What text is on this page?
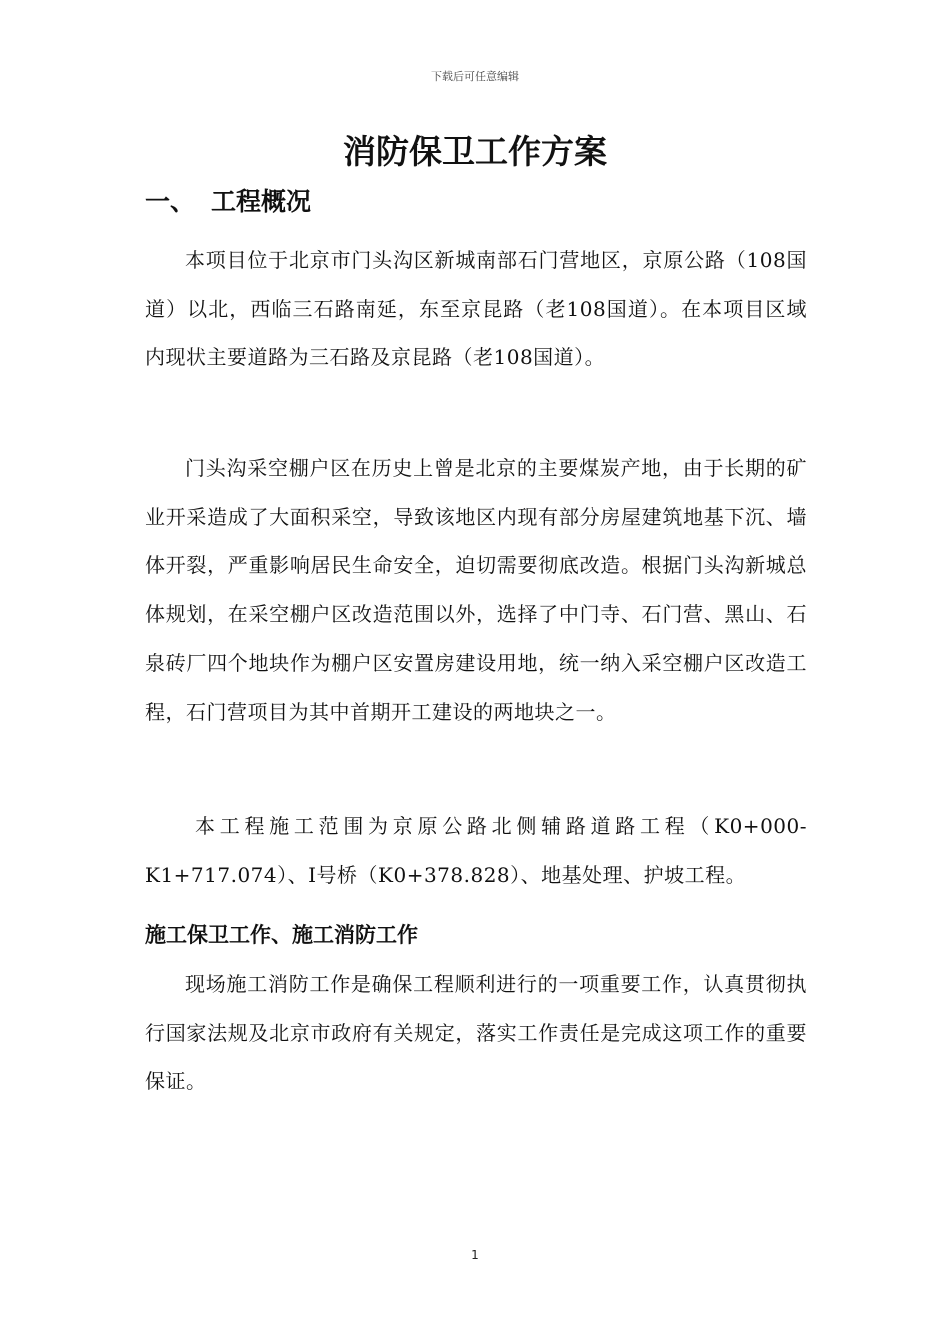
下载后可任意编辑
消防保卫工作方案
一、 工程概况

本项目位于北京市门头沟区新城南部石门营地区，京原公路（108国道）以北，西临三石路南延，东至京昆路（老108国道）。在本项目区域内现状主要道路为三石路及京昆路（老108国道）。

门头沟采空棚户区在历史上曾是北京的主要煤炭产地，由于长期的矿业开采造成了大面积采空，导致该地区内现有部分房屋建筑地基下沉、墙体开裂，严重影响居民生命安全，迫切需要彻底改造。根据门头沟新城总体规划，在采空棚户区改造范围以外，选择了中门寺、石门营、黑山、石泉砖厂四个地块作为棚户区安置房建设用地，统一纳入采空棚户区改造工程，石门营项目为其中首期开工建设的两地块之一。

本工程施工范围为京原公路北侧辅路道路工程（K0+000-K1+717.074）、I号桥（K0+378.828）、地基处理、护坡工程。

施工保卫工作、施工消防工作

现场施工消防工作是确保工程顺利进行的一项重要工作，认真贯彻执行国家法规及北京市政府有关规定，落实工作责任是完成这项工作的重要保证。

1
